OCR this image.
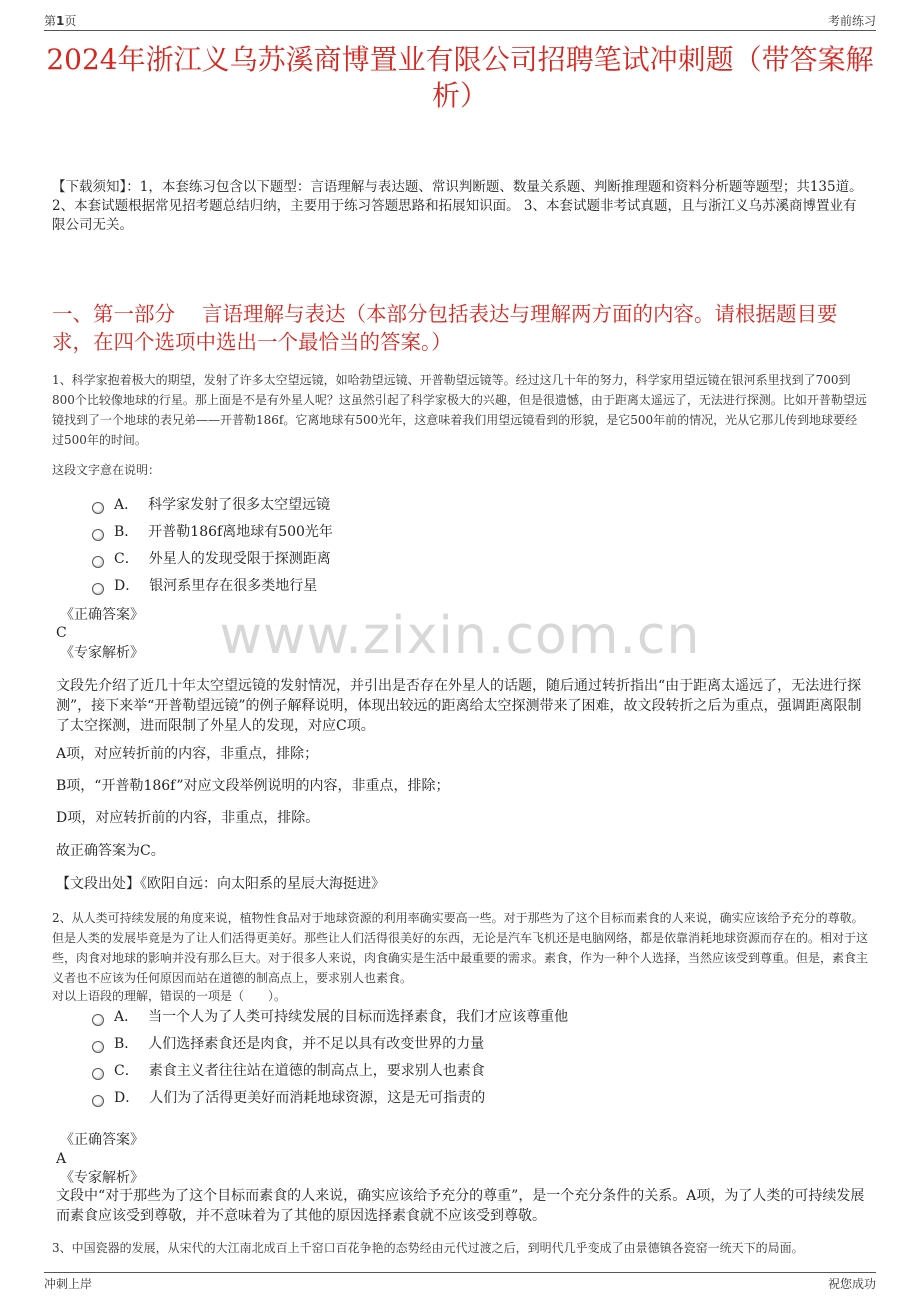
第1页	考前练习
2024年浙江义乌苏溪商博置业有限公司招聘笔试冲刺题（带答案解析）
【下载须知】：1，本套练习包含以下题型：言语理解与表达题、常识判断题、数量关系题、判断推理题和资料分析题等题型；共135道。 2、本套试题根据常见招考题总结归纳，主要用于练习答题思路和拓展知识面。 3、本套试题非考试真题，且与浙江义乌苏溪商博置业有限公司无关。
一、第一部分　 言语理解与表达（本部分包括表达与理解两方面的内容。请根据题目要求，在四个选项中选出一个最恰当的答案。）
1、科学家抱着极大的期望，发射了许多太空望远镜，如哈勃望远镜、开普勒望远镜等。经过这几十年的努力，科学家用望远镜在银河系里找到了700到800个比较像地球的行星。那上面是不是有外星人呢？这虽然引起了科学家极大的兴趣，但是很遗憾，由于距离太遥远了，无法进行探测。比如开普勒望远镜找到了一个地球的表兄弟——开普勒186f。它离地球有500光年，这意味着我们用望远镜看到的形貌，是它500年前的情况，光从它那儿传到地球要经过500年的时间。
这段文字意在说明：
A． 科学家发射了很多太空望远镜
B． 开普勒186f离地球有500光年
C． 外星人的发现受限于探测距离
D． 银河系里存在很多类地行星
《正确答案》
C
《专家解析》
文段先介绍了近几十年太空望远镜的发射情况，并引出是否存在外星人的话题，随后通过转折指出“由于距离太遥远了，无法进行探测”，接下来举“开普勒望远镜”的例子解释说明，体现出较远的距离给太空探测带来了困难，故文段转折之后为重点，强调距离限制了太空探测，进而限制了外星人的发现，对应C项。
A项，对应转折前的内容，非重点，排除；
B项，“开普勒186f”对应文段举例说明的内容，非重点，排除；
D项，对应转折前的内容，非重点，排除。
故正确答案为C。
【文段出处】《欧阳自远：向太阳系的星辰大海挺进》
2、从人类可持续发展的角度来说，植物性食品对于地球资源的利用率确实要高一些。对于那些为了这个目标而素食的人来说，确实应该给予充分的尊敬。但是人类的发展毕竟是为了让人们活得更美好。那些让人们活得很美好的东西，无论是汽车飞机还是电脑网络，都是依靠消耗地球资源而存在的。相对于这些，肉食对地球的影响并没有那么巨大。对于很多人来说，肉食确实是生活中最重要的需求。素食，作为一种个人选择，当然应该受到尊重。但是，素食主义者也不应该为任何原因而站在道德的制高点上，要求别人也素食。
对以上语段的理解，错误的一项是（　　）。
A． 当一个人为了人类可持续发展的目标而选择素食，我们才应该尊重他
B． 人们选择素食还是肉食，并不足以具有改变世界的力量
C． 素食主义者往往站在道德的制高点上，要求别人也素食
D． 人们为了活得更美好而消耗地球资源，这是无可指责的
《正确答案》
A
《专家解析》
文段中“对于那些为了这个目标而素食的人来说，确实应该给予充分的尊重”，是一个充分条件的关系。A项，为了人类的可持续发展而素食应该受到尊敬，并不意味着为了其他的原因选择素食就不应该受到尊敬。
3、中国瓷器的发展，从宋代的大江南北成百上千窑口百花争艳的态势经由元代过渡之后，到明代几乎变成了由景德镇各瓷窑一统天下的局面。
www.zixin.com.cn
冲刺上岸	祝您成功
